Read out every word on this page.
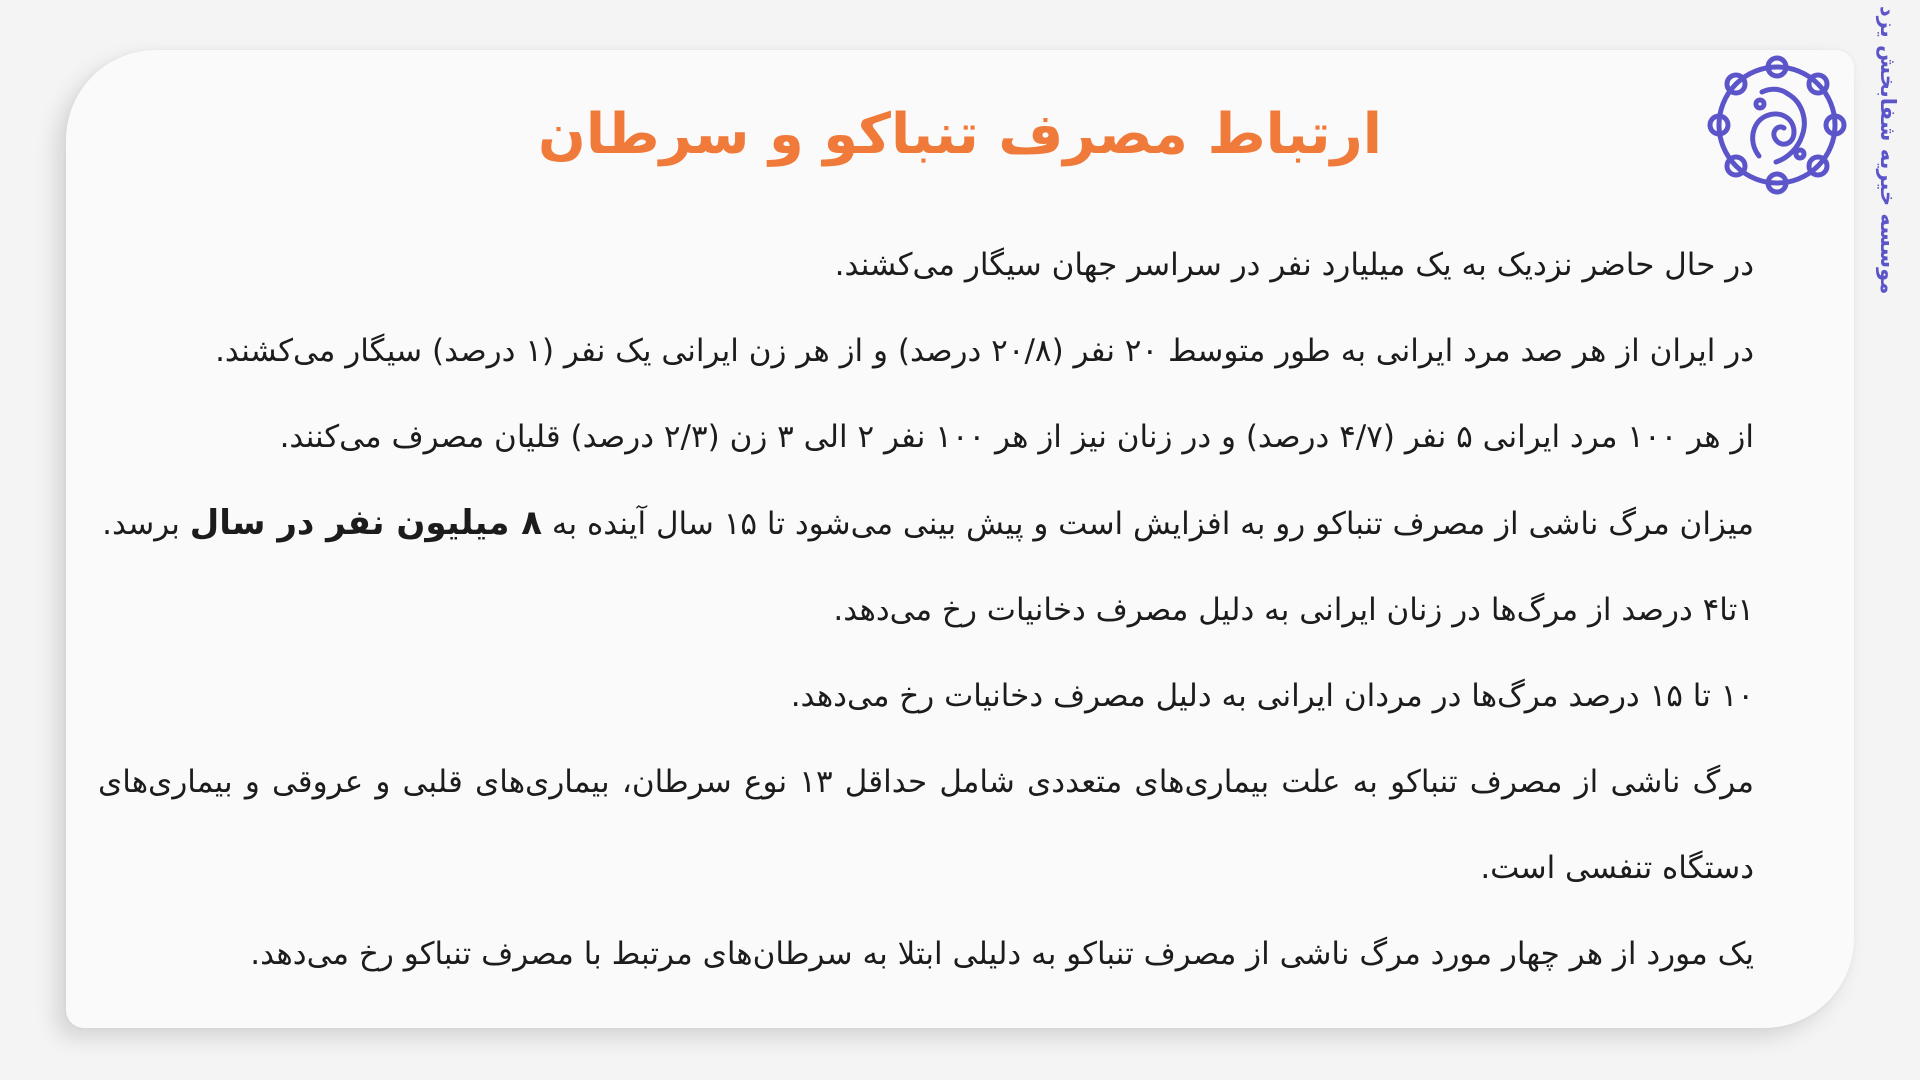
ارتباط مصرف تنباکو و سرطان

در حال حاضر نزدیک به یک میلیارد نفر در سراسر جهان سیگار می‌کشند.

در ایران از هر صد مرد ایرانی به طور متوسط ۲۰ نفر (۲۰/۸ درصد) و از هر زن ایرانی یک نفر (۱ درصد) سیگار می‌کشند.

از هر ۱۰۰ مرد ایرانی ۵ نفر (۴/۷ درصد) و در زنان نیز از هر ۱۰۰ نفر ۲ الی ۳ زن (۲/۳ درصد) قلیان مصرف می‌کنند.

میزان مرگ ناشی از مصرف تنباکو رو به افزایش است و پیش بینی می‌شود تا ۱۵ سال آینده به ۸ میلیون نفر در سال برسد.

۱تا۴ درصد از مرگ‌ها در زنان ایرانی به دلیل مصرف دخانیات رخ می‌دهد.

۱۰ تا ۱۵ درصد مرگ‌ها در مردان ایرانی به دلیل مصرف دخانیات رخ می‌دهد.

مرگ ناشی از مصرف تنباکو به علت بیماری‌های متعددی شامل حداقل ۱۳ نوع سرطان، بیماری‌های قلبی و عروقی و بیماری‌های دستگاه تنفسی است.

یک مورد از هر چهار مورد مرگ ناشی از مصرف تنباکو به دلیلی ابتلا به سرطان‌های مرتبط با مصرف تنباکو رخ می‌دهد.

موسسه خیریه شفابخش یزد
